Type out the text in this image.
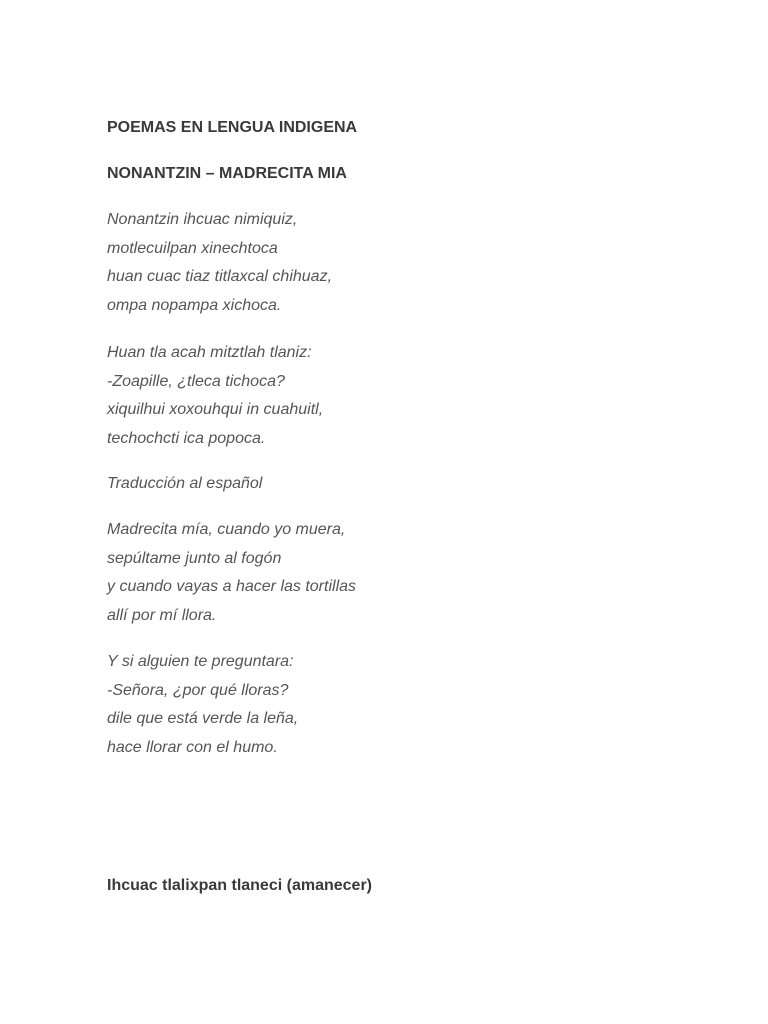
POEMAS EN LENGUA INDIGENA
NONANTZIN – MADRECITA MIA
Nonantzin ihcuac nimiquiz,
motlecuilpan xinechtoca
huan cuac tiaz titlaxcal chihuaz,
ompa nopampa xichoca.
Huan tla acah mitztlah tlaniz:
-Zoapille, ¿tleca tichoca?
xiquilhui xoxouhqui in cuahuitl,
techochcti ica popoca.
Traducción al español
Madrecita mía, cuando yo muera,
sepúltame junto al fogón
y cuando vayas a hacer las tortillas
allí por mí llora.
Y si alguien te preguntara:
-Señora, ¿por qué lloras?
dile que está verde la leña,
hace llorar con el humo.
Ihcuac tlalixpan tlaneci (amanecer)
